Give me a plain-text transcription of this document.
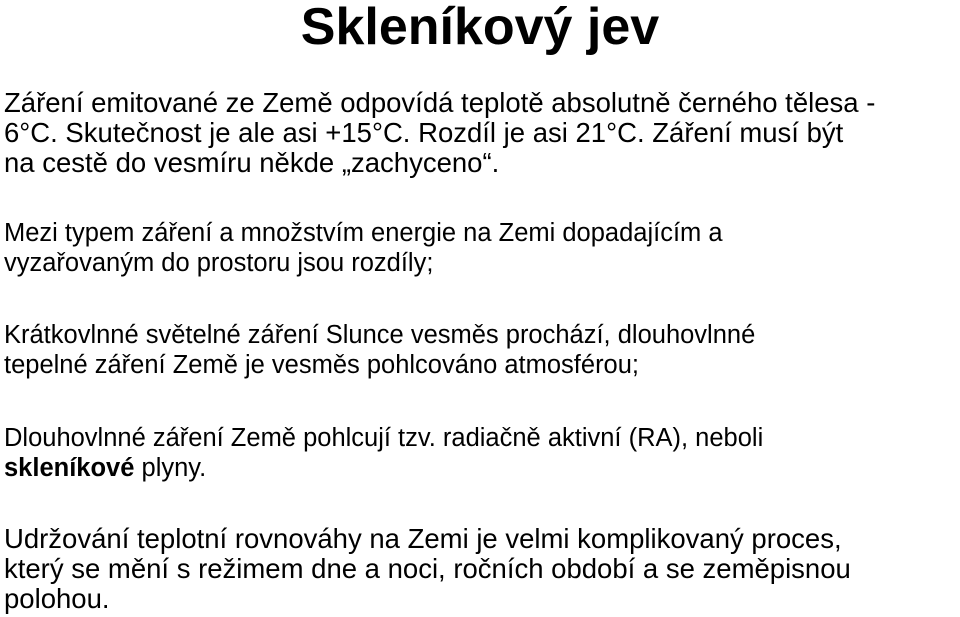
Skleníkový jev

Záření emitované ze Země odpovídá teplotě absolutně černého tělesa -
6°C. Skutečnost je ale asi +15°C. Rozdíl je asi 21°C. Záření musí být
na cestě do vesmíru někde „zachyceno“.

Mezi typem záření a množstvím energie na Zemi dopadajícím a
vyzařovaným do prostoru jsou rozdíly;

Krátkovlnné světelné záření Slunce vesměs prochází, dlouhovlnné
tepelné záření Země je vesměs pohlcováno atmosférou;

Dlouhovlnné záření Země pohlcují tzv. radiačně aktivní (RA), neboli
skleníkové plyny.

Udržování teplotní rovnováhy na Zemi je velmi komplikovaný proces,
který se mění s režimem dne a noci, ročních období a se zeměpisnou
polohou.
